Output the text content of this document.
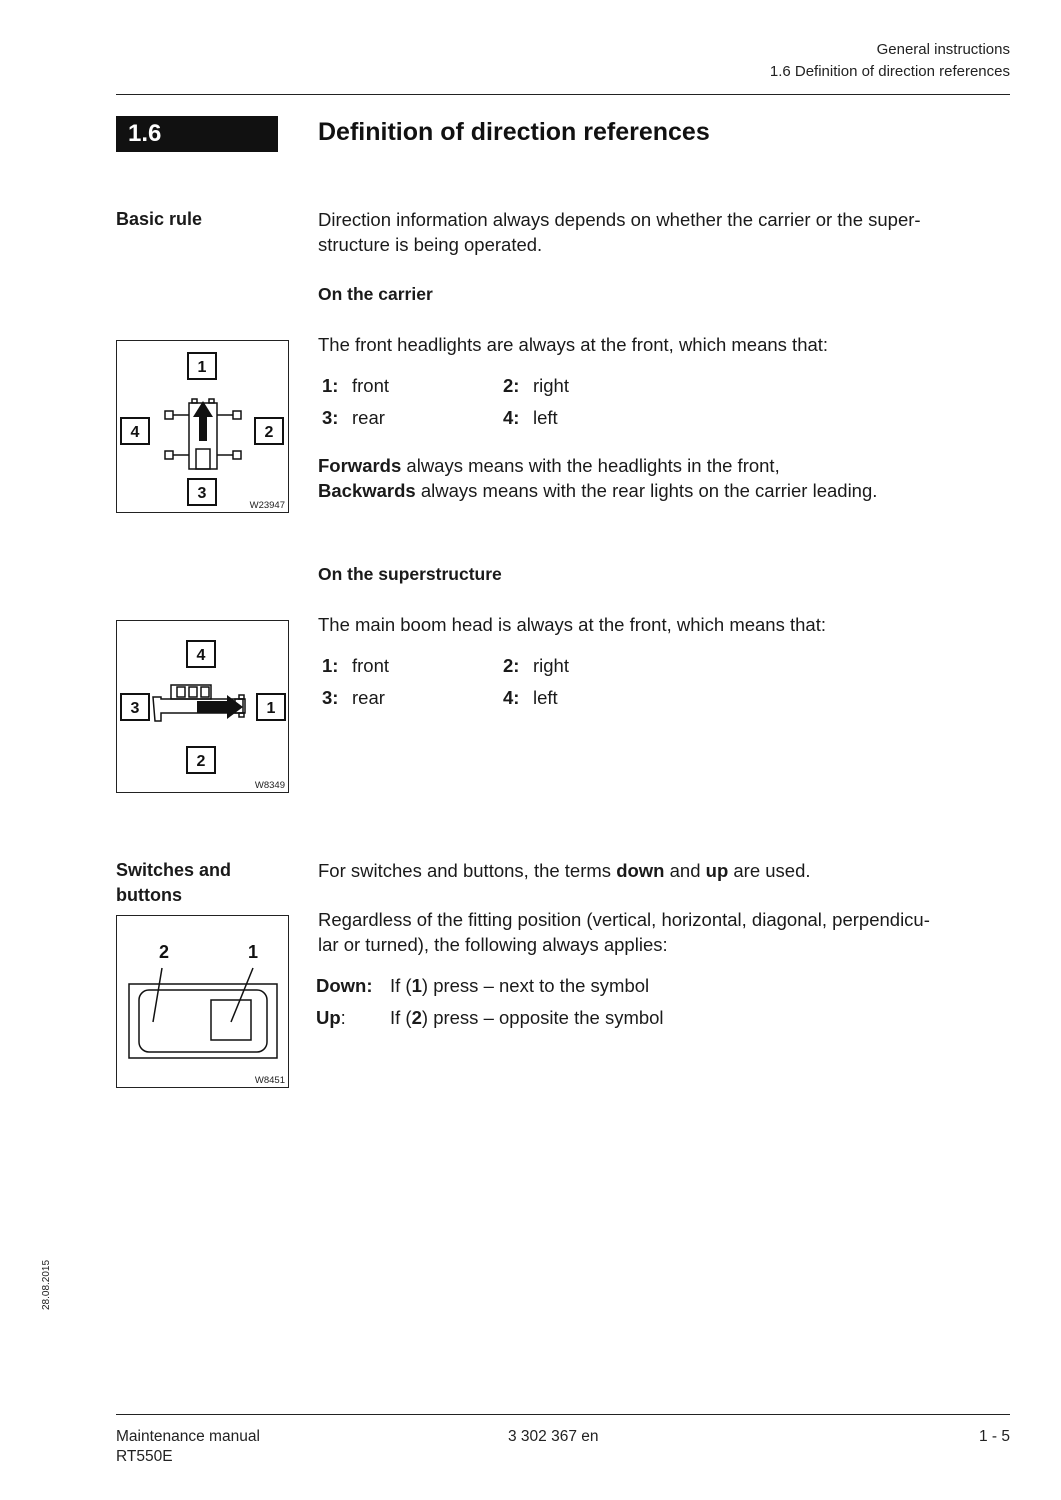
General instructions
1.6 Definition of direction references
1.6	Definition of direction references
Basic rule	Direction information always depends on whether the carrier or the super-
structure is being operated.
On the carrier
The front headlights are always at the front, which means that:
1
2
3
4
W23947
1: front	2: right
3: rear	4: left
Forwards always means with the headlights in the front,
Backwards always means with the rear lights on the carrier leading.
On the superstructure
The main boom head is always at the front, which means that:
1
2
3
4
W8349
1: front	2: right
3: rear	4: left
Switches and
buttons
For switches and buttons, the terms down and up are used.
Regardless of the fitting position (vertical, horizontal, diagonal, perpendicu-
lar or turned), the following always applies:
2	1
W8451
Down: If (1) press – next to the symbol
Up: If (2) press – opposite the symbol
28.08.2015
Maintenance manual
RT550E
3 302 367 en	1 - 5
